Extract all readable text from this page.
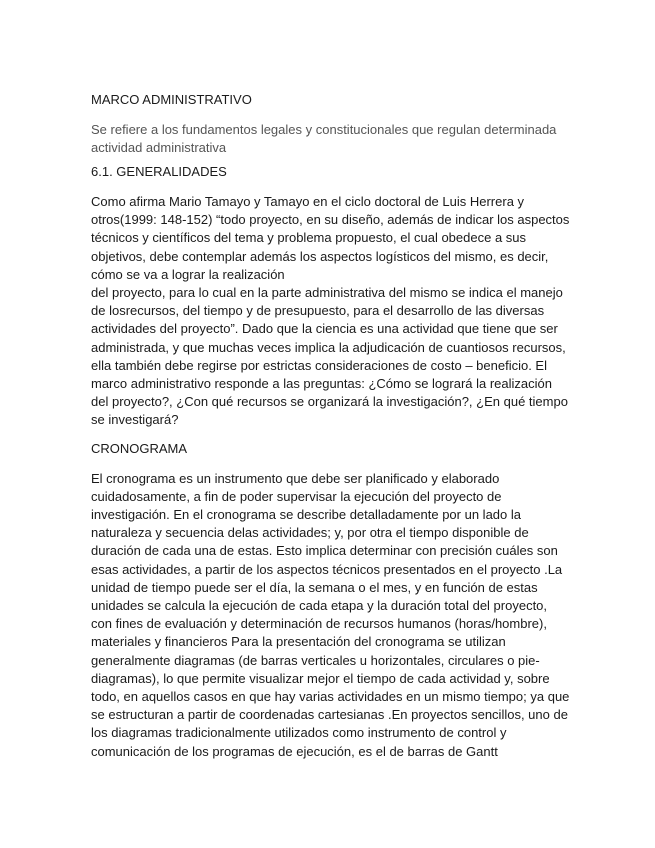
MARCO ADMINISTRATIVO
Se refiere a los fundamentos legales y constitucionales que regulan determinada
actividad administrativa
6.1. GENERALIDADES
Como afirma Mario Tamayo y Tamayo en el ciclo doctoral de Luis Herrera y
otros(1999: 148-152) “todo proyecto, en su diseño, además de indicar los aspectos
técnicos y científicos del tema y problema propuesto, el cual obedece a sus
objetivos, debe contemplar además los aspectos logísticos del mismo, es decir,
cómo se va a lograr la realización
del proyecto, para lo cual en la parte administrativa del mismo se indica el manejo
de losrecursos, del tiempo y de presupuesto, para el desarrollo de las diversas
actividades del proyecto”. Dado que la ciencia es una actividad que tiene que ser
administrada, y que muchas veces implica la adjudicación de cuantiosos recursos,
ella también debe regirse por estrictas consideraciones de costo – beneficio. El
marco administrativo responde a las preguntas: ¿Cómo se logrará la realización
del proyecto?, ¿Con qué recursos se organizará la investigación?, ¿En qué tiempo
se investigará?
CRONOGRAMA
El cronograma es un instrumento que debe ser planificado y elaborado
cuidadosamente, a fin de poder supervisar la ejecución del proyecto de
investigación. En el cronograma se describe detalladamente por un lado la
naturaleza y secuencia delas actividades; y, por otra el tiempo disponible de
duración de cada una de estas. Esto implica determinar con precisión cuáles son
esas actividades, a partir de los aspectos técnicos presentados en el proyecto .La
unidad de tiempo puede ser el día, la semana o el mes, y en función de estas
unidades se calcula la ejecución de cada etapa y la duración total del proyecto,
con fines de evaluación y determinación de recursos humanos (horas/hombre),
materiales y financieros Para la presentación del cronograma se utilizan
generalmente diagramas (de barras verticales u horizontales, circulares o pie-
diagramas), lo que permite visualizar mejor el tiempo de cada actividad y, sobre
todo, en aquellos casos en que hay varias actividades en un mismo tiempo; ya que
se estructuran a partir de coordenadas cartesianas .En proyectos sencillos, uno de
los diagramas tradicionalmente utilizados como instrumento de control y
comunicación de los programas de ejecución, es el de barras de Gantt
